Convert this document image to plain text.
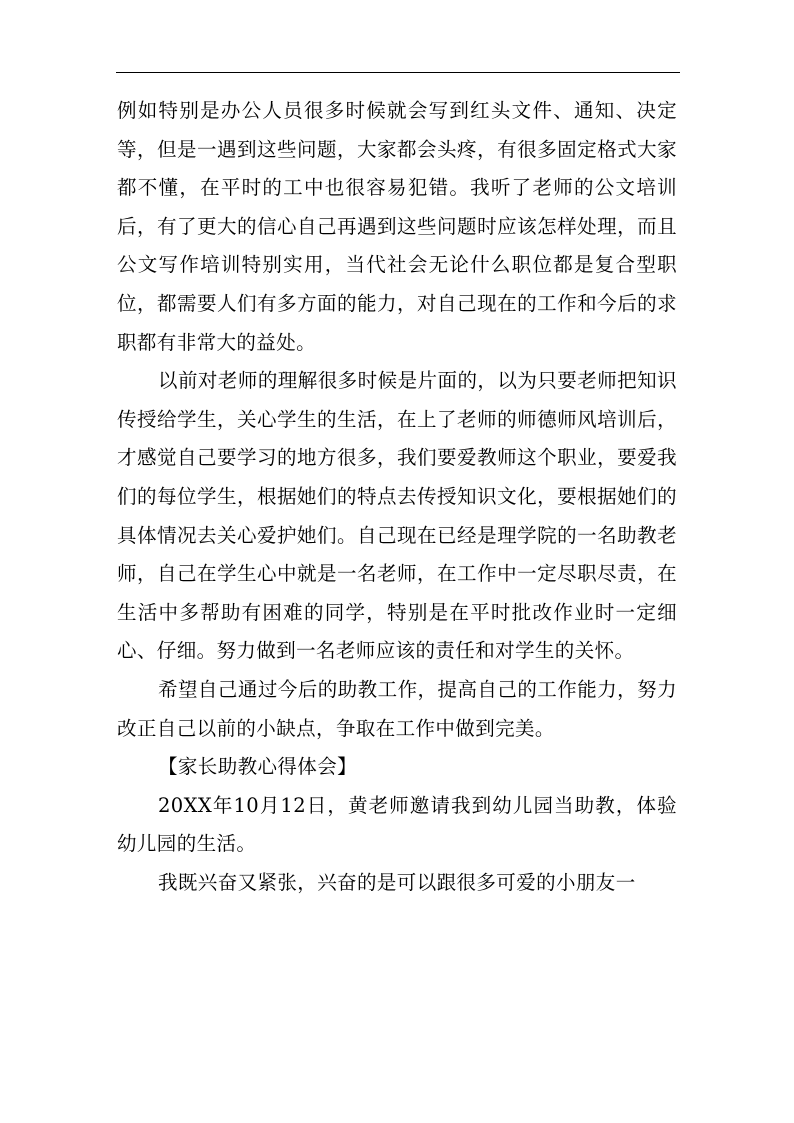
例如特别是办公人员很多时候就会写到红头文件、通知、决定等，但是一遇到这些问题，大家都会头疼，有很多固定格式大家都不懂，在平时的工中也很容易犯错。我听了老师的公文培训后，有了更大的信心自己再遇到这些问题时应该怎样处理，而且公文写作培训特别实用，当代社会无论什么职位都是复合型职位，都需要人们有多方面的能力，对自己现在的工作和今后的求职都有非常大的益处。

以前对老师的理解很多时候是片面的，以为只要老师把知识传授给学生，关心学生的生活，在上了老师的师德师风培训后，才感觉自己要学习的地方很多，我们要爱教师这个职业，要爱我们的每位学生，根据她们的特点去传授知识文化，要根据她们的具体情况去关心爱护她们。自己现在已经是理学院的一名助教老师，自己在学生心中就是一名老师，在工作中一定尽职尽责，在生活中多帮助有困难的同学，特别是在平时批改作业时一定细心、仔细。努力做到一名老师应该的责任和对学生的关怀。

希望自己通过今后的助教工作，提高自己的工作能力，努力改正自己以前的小缺点，争取在工作中做到完美。

【家长助教心得体会】

20XX年10月12日，黄老师邀请我到幼儿园当助教，体验幼儿园的生活。

我既兴奋又紧张，兴奋的是可以跟很多可爱的小朋友一
